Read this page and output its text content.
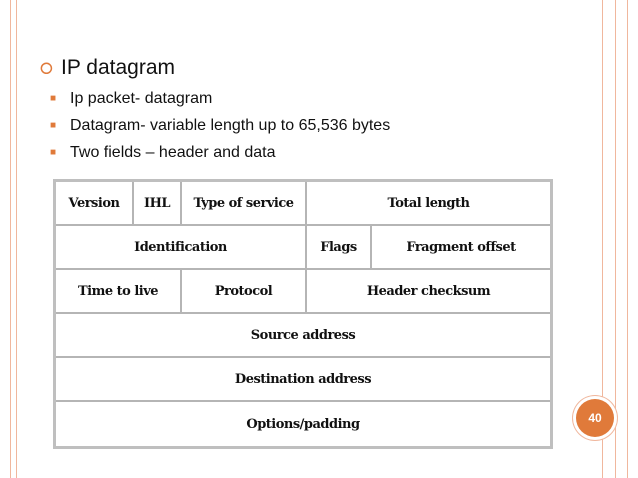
⭘ IP datagram
■ Ip packet- datagram
■ Datagram- variable length up to 65,536 bytes
■ Two fields – header and data
Version	IHL	Type of service	Total length
Identification	Flags	Fragment offset
Time to live	Protocol	Header checksum
Source address
Destination address
Options/padding	40
